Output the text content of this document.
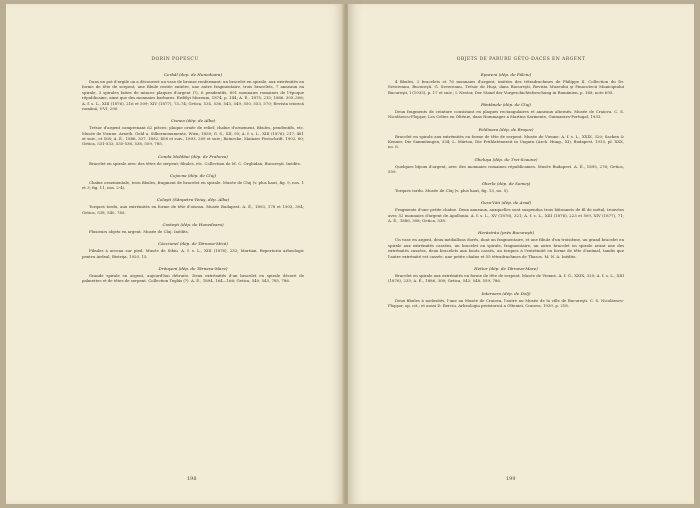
DORIN POPESCU
Cerbăl (dep. de Hunedoara)
Dans un pot d'argile on a découvert un vase de bronze renfermant: un bracelet en spirale, aux extrémités en forme de tête de serpent, une fibule restée entière, une autre fragmentaire, trois bracelets, 7 anneaux en spirale, 3 spirales faites de minces plaques d'argent (?), 6 pendentifs, 891 monnaies romaines de l'époque républicaine, ainsi que des monnaies barbares. Erdélyi Muzeum, 1874, p. 144; A. É., 1875, 215; 1886, 305–306; A. f. s. L., XIII (1876), 216 et 509; XIV (1877), 73–74; Getica, 535, 536, 543, 549, 550, 553, 570; Revista istorică română, V-VI, 290.
Cisnea (dép. de Alba)
Trésor d'argent comprenant 62 pièces: plaque ornée de relief, chaîne d'ornement, fibules, pendentifs, etc. Musée de Vienne. Arneth, Gold u. Silbermonumente, Wien, 1850; G. S., XII, 95; A. f. s. L., XIII (1876), 217, 481 et suiv., et 508; A. É., 1886, 307, 1892, 408 et suiv., 1893, 209 et suiv.; Reinecke, Mainzer Festschrift, 1902, 80; Getica, 531-533, 535-536, 538, 559, 785.
Conda Moldăui (dép. de Prahova)
Bracelet en spirale avec des têtes de serpent; fibules, etc. Collection de M. C. Orghidan, Bucureşti. Inédits.
Cojocna (dép. de Cluj)
Chaîne ornementale, trois fibules, fragment de bracelet en spirale. Musée de Cluj (v. plus haut, fig. 9, nos. 1 et 3; fig. 11, nos. 2-4).
Coloşti (Sânpetru-Teiuş, dép. Alba)
Torques tordu, aux extrémités en forme de tête d'oiseau. Musée Budapest. A. É., 1893, 178 et 1903, 304; Getica, 538, 540, 785.
Costeşti (dép. de Hunedoara)
Plusieurs objets en argent. Musée de Cluj. Inédits.
Căcciunel (dép. de Târnava-Mică)
Fibules à arceau sur pied. Musée de Sibiu. A. f. s. L., XIII (1876), 232; Martian, Repertoriu arheologic pentru Ardeal, Bistriţa, 1920, 15.
Drăuşeni (dép. de Târnava-Mare)
Grande spirale en argent, aujourd'hui détruite. Deux extrémités d'un bracelet en spirale décoré de palmettes et de têtes de serpent. Collection Teglás (?). A. É., 1894, 164—166; Getica, 540, 543, 785, 786.
198
OBJETS DE PARURE GÉTO-DACES EN ARGENT
Epureni (dép. de Fălciu)
4 fibules, 2 bracelets et 76 monnaies d'argent, imitées des tétradrachmes de Philippe II. Collection du Dr. Severeanu, Bucureşti. G. Severeanu, Trésor de Huşi, dans Bucureşti, Revista Muzeului şi Pinacotecii Municipiului Bucureşti, I (1935), p. 17 et suiv.; I. Nestor, Der Stand der Vorgeschichtsforschung in Rumänien, p. 168, note 695.
Fântânele (dép. de Cluj)
Deux fragments de ceinture consistant en plaques rectangulaires et anneaux alternés. Musée de Craiova. C. S. Nicolăescu-Plopşor, Les Celtes en Olténie, dans Hommages a Martins Sarmente, Guimaraes-Portugal, 1933.
Feldioara (dép. de Braşov)
Bracelet en spirale aux extrémités en forme de tête de serpent. Musée de Vienne. A. f. s. L., XXIX, 320; Sacken & Kenner, Die Sammlungen, 334; L. Márton, Die Frühlatènezeit in Ungarn (Arch. Hung., XI), Budapest, 1933, pl. XXX, no. 6.
Gheluşa (dép. de Trei-Scaune)
Quelques bijoux d'argent, avec des monnaies romaines républicaines. Musée Budapest. A. É., 1895, 276; Getica, 559.
Gherla (dép. de Someş)
Torques tordu. Musée de Cluj (v. plus haut, fig. 13, no. 5).
Gura-Văii (dép. de Arad)
Fragments d'une petite chaîne. Deux anneaux, auxquelles sont suspendus trois bâtonnets de fil de métal, trouvées avec 52 monnaies d'argent de Apollonia. A. f. s. L., XV (1876), 321; A. f. s. L., XIII (1876), 223 et 509, XIV (1877), 71; A. É., 1886, 308; Getica, 538.
Herăstrău (près Bucureşti)
Un vase en argent, deux médaillons dorés, dont un fragmentaire, et une fibule d'un troisième, un grand bracelet en spirale aux extrémités cassées, un bracelet en spirale, fragmentaire, un autre bracelet en spirale avant une des extrémités cassées, deux bracelets aux bouts cassés, un torques à l'extrémité en forme de tête d'animal, tandis que l'autre extrémité est cassée, une petite chaîne et 55 tétradrachmes de Thasos. M. N. A. Inédits.
Hetiur (dép. de Târnava-Mare)
Bracelet en spirale aux extrémités en forme de tête de serpent. Musée de Vienne. A. f. G., XXIX, 320; A. f. s. L., XIII (1876), 235; A. É., 1886, 308; Getica, 543, 548, 559, 786.
Interoara (dép. de Dolj)
Deux fibules à nodosités, l'une au Musée de Craiova, l'autre au Musée de la ville de Bucureşti. C. S. Nicolăescu-Plopşor, op. cit.; et aussi D. Berciu, Arheologia preistorică a Olteniei, Craiova, 1939, p. 218.
199
